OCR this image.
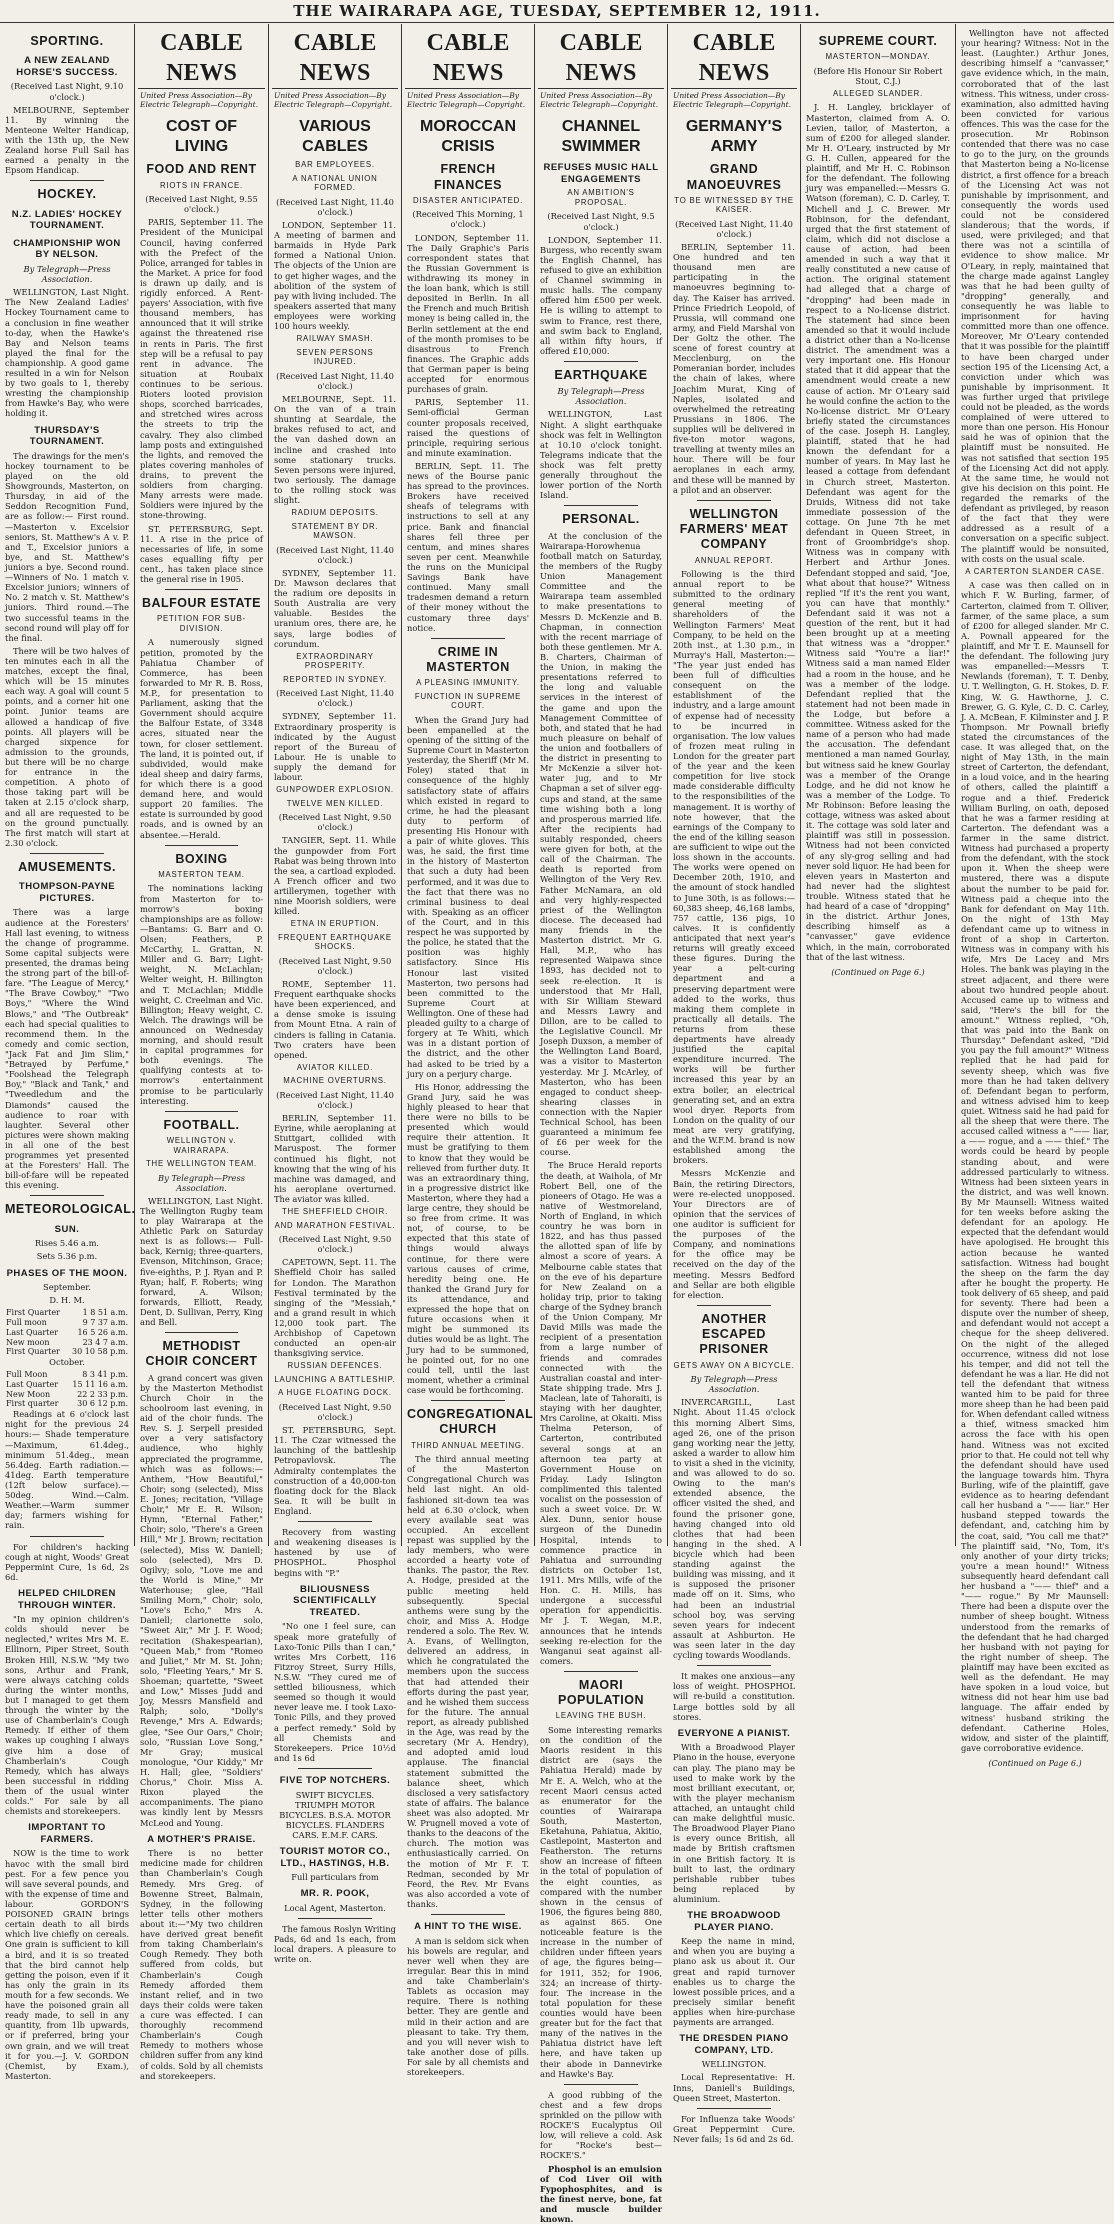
THE WAIRARAPA AGE, TUESDAY, SEPTEMBER 12, 1911.
SPORTING.
A NEW ZEALAND HORSE'S SUCCESS.

(Received Last Night, 9.10 o'clock.)

MELBOURNE, September 11. By winning the Menteone Welter Handicap, with the 13th up, the New Zealand horse Full Sail has earned a penalty in the Epsom Handicap.

HOCKEY.
N.Z. LADIES' HOCKEY TOURNAMENT.
CHAMPIONSHIP WON BY NELSON.

By Telegraph—Press Association.

WELLINGTON, Last Night. The New Zealand Ladies' Hockey Tournament came to a conclusion in fine weather to-day, when the Hawke's Bay and Nelson teams played the final for the championship. A good game resulted in a win for Nelson by two goals to 1, thereby wresting the championship from Hawke's Bay, who were holding it.

THURSDAY'S TOURNAMENT.

The drawings for the men's hockey tournament to be played on the old Showgrounds, Masterton, on Thursday, in aid of the Seddon Recognition Fund, are as follow:— First round.—Masterton v. Excelsior seniors, St. Matthew's A v. P. and T., Excelsior juniors a bye, and St. Matthew's juniors a bye. Second round.—Winners of No. 1 match v. Excelsior juniors; winners of No. 2 match v. St. Matthew's juniors. Third round.—The two successful teams in the second round will play off for the final.

There will be two halves of ten minutes each in all the matches, except the final, which will be 15 minutes each way. A goal will count 5 points, and a corner hit one point. Junior teams are allowed a handicap of five points. All players will be charged sixpence for admission to the grounds, but there will be no charge for entrance in the competition. A photo of those taking part will be taken at 2.15 o'clock sharp, and all are requested to be on the ground punctually. The first match will start at 2.30 o'clock.

AMUSEMENTS.
THOMPSON-PAYNE PICTURES.

There was a large audience at the Foresters' Hall last evening, to witness the change of programme. Some capital subjects were presented, the dramas being the strong part of the bill-of-fare. "The League of Mercy," "The Brave Cowboy," "Two Boys," "Where the Wind Blows," and "The Outbreak" each had special qualities to recommend them. In the comedy and comic section, "Jack Fat and Jim Slim," "Betrayed by Perfume," "Foolshead the Telegraph Boy," "Black and Tank," and "Tweedledum and the Diamonds" caused the audience to roar with laughter. Several other pictures were shown making in all one of the best programmes yet presented at the Foresters' Hall. The bill-of-fare will be repeated this evening.

METEOROLOGICAL.
SUN.

Rises 5.46 a.m.

Sets 5.36 p.m.

PHASES OF THE MOON.

September.

D. H. M.

First Quarter	1 8 51 a.m.
Full moon	9 7 37 a.m.
Last Quarter	16 5 26 a.m.
New moon	23 4 7 a.m.
First Quarter	30 10 58 p.m.

October.

Full Moon	8 3 41 p.m.
Last Quarter	15 11 16 a.m.
New Moon	22 2 33 p.m.
First quarter	30 6 12 p.m.

Readings at 6 o'clock last night for the previous 24 hours:— Shade temperature—Maximum, 61.4deg., minimum 51.4deg., mean 56.4deg. Earth radiation.—41deg. Earth temperature (12ft below surface).—50deg. Wind.—Calm. Weather.—Warm summer day; farmers wishing for rain.

For children's hacking cough at night, Woods' Great Peppermint Cure, 1s 6d, 2s 6d.

HELPED CHILDREN THROUGH WINTER.

"In my opinion children's colds should never be neglected," writes Mrs M. E. Ellinorn, Piper Street, South Broken Hill, N.S.W. "My two sons, Arthur and Frank, were always catching colds during the winter months, but I managed to get them through the winter by the use of Chamberlain's Cough Remedy. If either of them wakes up coughing I always give him a dose of Chamberlain's Cough Remedy, which has always been successful in ridding them of the usual winter colds." For sale by all chemists and storekeepers.

IMPORTANT TO FARMERS.

NOW is the time to work havoc with the small bird pest. For a few pence you will save several pounds, and with the expense of time and labour. GORDON'S POISONED GRAIN brings certain death to all birds which live chiefly on cereals. One grain is sufficient to kill a bird, and it is so treated that the bird cannot help getting the poison, even if it has only the grain in its mouth for a few seconds. We have the poisoned grain all ready made, to sell in any quantity, from 1lb upwards, or if preferred, bring your own grain, and we will treat it for you.—J. V. GORDON (Chemist, by Exam.), Masterton.

CABLE NEWS
United Press Association—By Electric Telegraph—Copyright.
COST OF LIVING
FOOD AND RENT
RIOTS IN FRANCE.

(Received Last Night, 9.55 o'clock.)

PARIS, September 11. The President of the Municipal Council, having conferred with the Prefect of the Police, arranged for tables in the Market. A price for food is drawn up daily, and is rigidly enforced. A Rent-payers' Association, with five thousand members, has announced that it will strike against the threatened rise in rents in Paris. The first step will be a refusal to pay rent in advance. The situation at Roubaix continues to be serious. Rioters looted provision shops, scorched barricades, and stretched wires across the streets to trip the cavalry. They also climbed lamp posts and extinguished the lights, and removed the plates covering manholes of drains, to prevent the soldiers from charging. Many arrests were made. Soldiers were injured by the stone-throwing.

ST. PETERSBURG, Sept. 11. A rise in the price of necessaries of life, in some cases equalling fifty per cent., has taken place since the general rise in 1905.

BALFOUR ESTATE
PETITION FOR SUB-DIVISION.

A numerously signed petition, promoted by the Pahiatua Chamber of Commerce, has been forwarded to Mr R. B. Ross, M.P., for presentation to Parliament, asking that the Government should acquire the Balfour Estate, of 3348 acres, situated near the town, for closer settlement. The land, it is pointed out, if subdivided, would make ideal sheep and dairy farms, for which there is a good demand here, and would support 20 families. The estate is surrounded by good roads, and is owned by an absentee.—Herald.

BOXING
MASTERTON TEAM.

The nominations lacking from Masterton for to-morrow's boxing championships are as follow:—Bantams: G. Barr and O. Olsen; Feathers, P. McCarthy, L. Grattan, N. Miller and G. Barr; Light-weight, N. McLachlan; Welter weight, H. Billington and T. McLachlan; Middle weight, C. Creelman and Vic. Billington; Heavy weight, C. Welch. The drawings will be announced on Wednesday morning, and should result in capital programmes for both evenings. The qualifying contests at to-morrow's entertainment promise to be particularly interesting.

FOOTBALL.
WELLINGTON v. WAIRARAPA.
THE WELLINGTON TEAM.

By Telegraph—Press Association.

WELLINGTON, Last Night. The Wellington Rugby team to play Wairarapa at the Athletic Park on Saturday next is as follows:— Full-back, Kernig; three-quarters, Evenson, Mitchinson, Grace; five-eighths, P. J. Ryan and P. Ryan; half, F. Roberts; wing forward, A. Wilson; forwards, Elliott, Ready, Dent, D. Sullivan, Perry, King and Bell.

METHODIST CHOIR CONCERT

A grand concert was given by the Masterton Methodist Church Choir in the schoolroom last evening, in aid of the choir funds. The Rev. S. J. Serpell presided over a very satisfactory audience, who highly appreciated the programme, which was as follows:—Anthem, "How Beautiful," Choir; song (selected), Miss E. Jones; recitation, "Village Choir," Mr E. R. Wilson; Hymn, "Eternal Father," Choir; solo, "There's a Green Hill," Mr J. Brown; recitation (selected), Miss W. Daniell; solo (selected), Mrs D. Ogilvy; solo, "Love me and the World is Mine," Mr Waterhouse; glee, "Hail Smiling Morn," Choir; solo, "Love's Echo," Mrs A. Daniell; clarionette solo, "Sweet Air," Mr J. F. Wood; recitation (Shakespearian), "Queen Mab," from "Romeo and Juliet," Mr M. St. John; solo, "Fleeting Years," Mr S. Shoeman; quartette, "Sweet and Low," Misses Judd and Joy, Messrs Mansfield and Ralph; solo, "Dolly's Revenge," Mrs A. Edwards; glee, "See Our Oars," Choir; solo, "Russian Love Song," Mr Gray; musical monologue, "Our Kiddy," Mr H. Hall; glee, "Soldiers' Chorus," Choir. Miss A. Rixon played the accompaniments. The piano was kindly lent by Messrs McLeod and Young.

A MOTHER'S PRAISE.

There is no better medicine made for children than Chamberlain's Cough Remedy. Mrs Greg. of Bowenne Street, Balmain, Sydney, in the following letter tells other mothers about it:—"My two children have derived great benefit from taking Chamberlain's Cough Remedy. They both suffered from colds, but Chamberlain's Cough Remedy afforded them instant relief, and in two days their colds were taken a cure was effected. I can thoroughly recommend Chamberlain's Cough Remedy to mothers whose children suffer from any kind of colds. Sold by all chemists and storekeepers.

CABLE NEWS
United Press Association—By Electric Telegraph—Copyright.
VARIOUS CABLES
BAR EMPLOYEES.
A NATIONAL UNION FORMED.

(Received Last Night, 11.40 o'clock.)

LONDON, September 11. A meeting of barmen and barmaids in Hyde Park formed a National Union. The objects of the Union are to get higher wages, and the abolition of the system of pay with living included. The speakers asserted that many employees were working 100 hours weekly.

RAILWAY SMASH.
SEVEN PERSONS INJURED.

(Received Last Night, 11.40 o'clock.)

MELBOURNE, Sept. 11. On the van of a train shunting at Seardale, the brakes refused to act, and the van dashed down an incline and crashed into some stationary trucks. Seven persons were injured, two seriously. The damage to the rolling stock was slight.

RADIUM DEPOSITS.
STATEMENT BY DR. MAWSON.

(Received Last Night, 11.40 o'clock.)

SYDNEY, September 11. Dr. Mawson declares that the radium ore deposits in South Australia are very valuable. Besides the uranium ores, there are, he says, large bodies of corundum.

EXTRAORDINARY PROSPERITY.
REPORTED IN SYDNEY.

(Received Last Night, 11.40 o'clock.)

SYDNEY, September 11. Extraordinary prosperity is indicated by the August report of the Bureau of Labour. He is unable to supply the demand for labour.

GUNPOWDER EXPLOSION.
TWELVE MEN KILLED.

(Received Last Night, 9.50 o'clock.)

TANGIER, Sept. 11. While the gunpowder from Fort Rabat was being thrown into the sea, a cartload exploded. A French officer and two artillerymen, together with nine Moorish soldiers, were killed.

ETNA IN ERUPTION.
FREQUENT EARTHQUAKE SHOCKS.

(Received Last Night, 9.50 o'clock.)

ROME, September 11. Frequent earthquake shocks have been experienced, and a dense smoke is issuing from Mount Etna. A rain of cinders is falling in Catania. Two craters have been opened.

AVIATOR KILLED.
MACHINE OVERTURNS.

(Received Last Night, 11.40 o'clock.)

BERLIN, September 11. Eyrine, while aeroplaning at Stuttgart, collided with Maruspost. The former continued his flight, not knowing that the wing of his machine was damaged, and his aeroplane overturned. The aviator was killed.

THE SHEFFIELD CHOIR.
AND MARATHON FESTIVAL.

(Received Last Night, 9.50 o'clock.)

CAPETOWN, Sept. 11. The Sheffield Choir has sailed for London. The Marathon Festival terminated by the singing of the "Messiah," and a grand result in which 12,000 took part. The Archbishop of Capetown conducted an open-air thanksgiving service.

RUSSIAN DEFENCES.
LAUNCHING A BATTLESHIP.
A HUGE FLOATING DOCK.

(Received Last Night, 9.50 o'clock.)

ST. PETERSBURG, Sept. 11. The Czar witnessed the launching of the battleship Petropavlovsk. The Admiralty contemplates the construction of a 40,000-ton floating dock for the Black Sea. It will be built in England.

Recovery from wasting and weakening diseases is hastened by use of PHOSPHOL. Phosphol begins with "P."

BILIOUSNESS SCIENTIFICALLY TREATED.

"No one I feel sure, can speak more gratefully of Laxo-Tonic Pills than I can," writes Mrs Corbett, 116 Fitzroy Street, Surry Hills, N.S.W. "They cured me of settled biliousness, which seemed so though it would never leave me. I took Laxo-Tonic Pills, and they proved a perfect remedy." Sold by all Chemists and Storekeepers. Price 10½d and 1s 6d

FIVE TOP NOTCHERS.

SWIFT BICYCLES. TRIUMPH MOTOR BICYCLES. B.S.A. MOTOR BICYCLES. FLANDERS CARS. E.M.F. CARS.

TOURIST MOTOR CO., LTD., HASTINGS, H.B.

Full particulars from

MR. R. POOK,

Local Agent, Masterton.

The famous Roslyn Writing Pads, 6d and 1s each, from local drapers. A pleasure to write on.

CABLE NEWS
United Press Association—By Electric Telegraph—Copyright.
MOROCCAN CRISIS
FRENCH FINANCES
DISASTER ANTICIPATED.

(Received This Morning, 1 o'clock.)

LONDON, September 11. The Daily Graphic's Paris correspondent states that the Russian Government is withdrawing its money in the loan bank, which is still deposited in Berlin. In all the French and much British money is being called in, the Berlin settlement at the end of the month promises to be disastrous to French finances. The Graphic adds that German paper is being accepted for enormous purchases of grain.

PARIS, September 11. Semi-official German counter proposals received, raised the questions of principle, requiring serious and minute examination.

BERLIN, Sept. 11. The news of the Bourse panic has spread to the provinces. Brokers have received sheafs of telegrams with instructions to sell at any price. Bank and financial shares fell three per centum, and mines shares seven per cent. Meanwhile the runs on the Municipal Savings Bank have continued. Many small tradesmen demand a return of their money without the customary three days' notice.

CRIME IN MASTERTON
A PLEASING IMMUNITY.
FUNCTION IN SUPREME COURT.

When the Grand Jury had been empanelled at the opening of the sitting of the Supreme Court in Masterton yesterday, the Sheriff (Mr M. Foley) stated that in consequence of the highly satisfactory state of affairs which existed in regard to crime, he had the pleasant duty to perform of presenting His Honour with a pair of white gloves. This was, he said, the first time in the history of Masterton that such a duty had been performed, and it was due to the fact that there was no criminal business to deal with. Speaking as an officer of the Court, and in this respect he was supported by the police, he stated that the position was highly satisfactory. Since His Honour last visited Masterton, two persons had been committed to the Supreme Court at Wellington. One of these had pleaded guilty to a charge of forgery at Te Whiti, which was in a distant portion of the district, and the other had asked to be tried by a jury on a perjury charge.

His Honor, addressing the Grand Jury, said he was highly pleased to hear that there were no bills to be presented which would require their attention. It must be gratifying to them to know that they would be relieved from further duty. It was an extraordinary thing, in a progressive district like Masterton, where they had a large centre, they should be so free from crime. It was not, of course, to be expected that this state of things would always continue, for there were various causes of crime, heredity being one. He thanked the Grand Jury for its attendance, and expressed the hope that on future occasions when it might be summoned its duties would be as light. The Jury had to be summoned, he pointed out, for no one could tell, until the last moment, whether a criminal case would be forthcoming.

CONGREGATIONAL CHURCH
THIRD ANNUAL MEETING.

The third annual meeting of the Masterton Congregational Church was held last night. An old-fashioned sit-down tea was held at 6.30 o'clock, when every available seat was occupied. An excellent repast was supplied by the lady members, who were accorded a hearty vote of thanks. The pastor, the Rev. A. Hodge, presided at the public meeting held subsequently. Special anthems were sung by the choir, and Miss A. Hodge rendered a solo. The Rev. W. A. Evans, of Wellington, delivered an address, in which he congratulated the members upon the success that had attended their efforts during the past year, and he wished them success for the future. The annual report, as already published in the Age, was read by the secretary (Mr A. Hendry), and adopted amid loud applause. The financial statement submitted the balance sheet, which disclosed a very satisfactory state of affairs. The balance sheet was also adopted. Mr W. Prugnell moved a vote of thanks to the deacons of the church. The motion was enthusiastically carried. On the motion of Mr F. T. Redman, seconded by Mr Feord, the Rev. Mr Evans was also accorded a vote of thanks.

A HINT TO THE WISE.

A man is seldom sick when his bowels are regular, and never well when they are irregular. Bear this in mind and take Chamberlain's Tablets as occasion may require. There is nothing better. They are gentle and mild in their action and are pleasant to take. Try them, and you will never wish to take another dose of pills. For sale by all chemists and storekeepers.

CABLE NEWS
United Press Association—By Electric Telegraph—Copyright.
CHANNEL SWIMMER
REFUSES MUSIC HALL ENGAGEMENTS
AN AMBITION'S PROPOSAL.

(Received Last Night, 9.5 o'clock.)

LONDON, September 11. Burgess, who recently swam the English Channel, has refused to give an exhibition of Channel swimming in music halls. The company offered him £500 per week. He is willing to attempt to swim to France, rest there, and swim back to England, all within fifty hours, if offered £10,000.

EARTHQUAKE

By Telegraph—Press Association.

WELLINGTON, Last Night. A slight earthquake shock was felt in Wellington at 10.10 o'clock tonight. Telegrams indicate that the shock was felt pretty generally throughout the lower portion of the North Island.

PERSONAL.

At the conclusion of the Wairarapa-Horowhenua football match on Saturday, the members of the Rugby Union Management Committee and the Wairarapa team assembled to make presentations to Messrs D. McKenzie and B. Chapman, in connection with the recent marriage of both these gentlemen. Mr A. B. Charters, Chairman of the Union, in making the presentations referred to the long and valuable services in the interest of the game and upon the Management Committee of both, and stated that he had much pleasure on behalf of the union and footballers of the district in presenting to Mr McKenzie a silver hot-water jug, and to Mr Chapman a set of silver egg-cups and stand, at the same time wishing both a long and prosperous married life. After the recipients had suitably responded, cheers were given for both, at the call of the Chairman. The death is reported from Wellington of the Very Rev. Father McNamara, an old and very highly-respected priest of the Wellington diocese. The deceased had many friends in the Masterton district. Mr G. Hall, M.P., who has represented Waipawa since 1893, has decided not to seek re-election. It is understood that Mr Hall, with Sir William Steward and Messrs Lawry and Dillon, are to be called to the Legislative Council. Mr Joseph Duxson, a member of the Wellington Land Board, was a visitor to Masterton yesterday. Mr J. McArley, of Masterton, who has been engaged to conduct sheep-shearing classes in connection with the Napier Technical School, has been guaranteed a minimum fee of £6 per week for the course.

The Bruce Herald reports the death, at Waihola, of Mr Robert Bell, one of the pioneers of Otago. He was a native of Westmoreland, North of England, in which country he was born in 1822, and has thus passed the allotted span of life by almost a score of years. A Melbourne cable states that on the eve of his departure for New Zealand on a holiday trip, prior to taking charge of the Sydney branch of the Union Company, Mr David Mills was made the recipient of a presentation from a large number of friends and comrades connected with the Australian coastal and inter-State shipping trade. Mrs J. Maclean, late of Tahoraiti, is staying with her daughter, Mrs Caroline, at Okaiti. Miss Thelma Peterson, of Carterton, contributed several songs at an afternoon tea party at Government House on Friday. Lady Islington complimented this talented vocalist on the possession of such a sweet voice. Dr. W. Alex. Dunn, senior house surgeon of the Dunedin Hospital, intends to commence practice in Pahiatua and surrounding districts on October 1st, 1911. Mrs Mills, wife of the Hon. C. H. Mills, has undergone a successful operation for appendicitis. Mr J. T. Wegan, M.P., announces that he intends seeking re-election for the Wanganui seat against all-comers.

MAORI POPULATION
LEAVING THE BUSH.

Some interesting remarks on the condition of the Maoris resident in this district are (says the Pahiatua Herald) made by Mr E. A. Welch, who at the recent Maori census acted as enumerator for the counties of Wairarapa South, Masterton, Eketahuna, Pahiatua, Akitio, Castlepoint, Masterton and Featherston. The returns show an increase of fifteen in the total of population of the eight counties, as compared with the number shown in the census of 1906, the figures being 880, as against 865. One noticeable feature is the increase in the number of children under fifteen years of age, the figures being—for 1911, 352; for 1906, 324; an increase of thirty-four. The increase in the total population for these counties would have been greater but for the fact that many of the natives in the Pahiatua district have left here, and have taken up their abode in Dannevirke and Hawke's Bay.

A good rubbing of the chest and a few drops sprinkled on the pillow with ROCKE'S Eucalyptus Oil low, will relieve a cold. Ask for "Rocke's best—ROCKE'S."

Phosphol is an emulsion of Cod Liver Oil with Fypophosphites, and is the finest nerve, bone, fat and muscle builder known.

CABLE NEWS
United Press Association—By Electric Telegraph—Copyright.
GERMANY'S ARMY
GRAND MANOEUVRES
TO BE WITNESSED BY THE KAISER.

(Received Last Night, 11.40 o'clock.)

BERLIN, September 11. One hundred and ten thousand men are participating in the manoeuvres beginning to-day. The Kaiser has arrived. Prince Friedrich Leopold, of Prussia, will command one army, and Field Marshal von Der Goltz the other. The scene of forest country at Mecclenburg, on the Pomeranian border, includes the chain of lakes, where Joachim Murat, King of Naples, isolated and overwhelmed the retreating Prussians in 1806. The supplies will be delivered in five-ton motor wagons, travelling at twenty miles an hour. There will be four aeroplanes in each army, and these will be manned by a pilot and an observer.

WELLINGTON FARMERS' MEAT COMPANY
ANNUAL REPORT.

Following is the third annual report to be submitted to the ordinary general meeting of shareholders of the Wellington Farmers' Meat Company, to be held on the 20th inst., at 1.30 p.m., in Murray's Hall, Masterton:— "The year just ended has been full of difficulties consequent on the establishment of the industry, and a large amount of expense had of necessity to be incurred in organisation. The low values of frozen meat ruling in London for the greater part of the year and the keen competition for live stock made considerable difficulty to the responsibilities of the management. It is worthy of note however, that the earnings of the Company to the end of the killing season are sufficient to wipe out the loss shown in the accounts. The works were opened on December 20th, 1910, and the amount of stock handled to June 30th, is as follows:—60,383 sheep, 46,168 lambs, 757 cattle, 136 pigs, 10 calves. It is confidently anticipated that next year's returns will greatly exceed these figures. During the year a pelt-curing department and a preserving department were added to the works, thus making them complete in practically all details. The returns from these departments have already justified the capital expenditure incurred. The works will be further increased this year by an extra boiler, an electrical generating set, and an extra wool dryer. Reports from London on the quality of our meat are very gratifying, and the W.F.M. brand is now established among the brokers.

Messrs McKenzie and Bain, the retiring Directors, were re-elected unopposed. Your Directors are of opinion that the services of one auditor is sufficient for the purposes of the Company, and nominations for the office may be received on the day of the meeting. Messrs Bedford and Sellar are both eligible for election.

ANOTHER ESCAPED PRISONER
GETS AWAY ON A BICYCLE.

By Telegraph—Press Association.

INVERCARGILL, Last Night. About 11.45 o'clock this morning Albert Sims, aged 26, one of the prison gang working near the jetty, asked a warder to allow him to visit a shed in the vicinity, and was allowed to do so. Owing to the man's extended absence, the officer visited the shed, and found the prisoner gone, having changed into old clothes that had been hanging in the shed. A bicycle which had been standing against the building was missing, and it is supposed the prisoner made off on it. Sims, who had been an industrial school boy, was serving seven years for indecent assault at Ashburton. He was seen later in the day cycling towards Woodlands.

It makes one anxious—any loss of weight. PHOSPHOL will re-build a constitution. Large bottles sold by all stores.

EVERYONE A PIANIST.

With a Broadwood Player Piano in the house, everyone can play. The piano may be used to make work by the most brilliant executant, or, with the player mechanism attached, an untaught child can make delightful music. The Broadwood Player Piano is every ounce British, all made by British craftsmen in one British factory. It is built to last, the ordinary perishable rubber tubes being replaced by aluminium.

THE BROADWOOD PLAYER PIANO.

Keep the name in mind, and when you are buying a piano ask us about it. Our great and rapid turnover enables us to charge the lowest possible prices, and a precisely similar benefit applies when hire-purchase payments are arranged.

THE DRESDEN PIANO COMPANY, LTD.

WELLINGTON.

Local Representative: H. Inns, Daniell's Buildings, Queen Street, Masterton.

For Influenza take Woods' Great Peppermint Cure. Never fails; 1s 6d and 2s 6d.

SUPREME COURT.
MASTERTON—MONDAY.

(Before His Honour Sir Robert Stout, C.J.)

ALLEGED SLANDER.

J. H. Langley, bricklayer of Masterton, claimed from A. O. Levien, tailor, of Masterton, a sum of £200 for alleged slander. Mr H. O'Leary, instructed by Mr G. H. Cullen, appeared for the plaintiff, and Mr H. C. Robinson for the defendant. The following jury was empanelled:—Messrs G. Watson (foreman), C. D. Carley, T. Michell and J. C. Brewer. Mr Robinson, for the defendant, urged that the first statement of claim, which did not disclose a cause of action, had been amended in such a way that it really constituted a new cause of action. The original statement had alleged that a charge of "dropping" had been made in respect to a No-license district. The statement had since been amended so that it would include a district other than a No-license district. The amendment was a very important one. His Honour stated that it did appear that the amendment would create a new cause of action. Mr O'Leary said he would confine the action to the No-license district. Mr O'Leary briefly stated the circumstances of the case. Joseph H. Langley, plaintiff, stated that he had known the defendant for a number of years. In May last he leased a cottage from defendant in Church street, Masterton. Defendant was agent for the Druids, Witness did not take immediate possession of the cottage. On June 7th he met defendant in Queen Street, in front of Groombridge's shop. Witness was in company with Herbert and Arthur Jones. Defendant stopped and said, "Joe, what about that house?" Witness replied "If it's the rent you want, you can have that monthly." Defendant said it was not a question of the rent, but it had been brought up at a meeting that witness was a "dropper." Witness said "You're a liar!" Witness said a man named Elder had a room in the house, and he was a member of the lodge. Defendant replied that the statement had not been made in the Lodge, but before a committee. Witness asked for the name of a person who had made the accusation. The defendant mentioned a man named Gourlay, but witness said he knew Gourlay was a member of the Orange Lodge, and he did not know he was a member of the Lodge. To Mr Robinson: Before leasing the cottage, witness was asked about it. The cottage was sold later and plaintiff was still in possession. Witness had not been convicted of any sly-grog selling and had never sold liquor. He had been for eleven years in Masterton and had never had the slightest trouble. Witness stated that he had heard of a case of "dropping" in the district. Arthur Jones, describing himself as a "canvasser," gave evidence which, in the main, corroborated that of the last witness.

(Continued on Page 6.)

Wellington have not affected your hearing? Witness: Not in the least. (Laughter.) Arthur Jones, describing himself a "canvasser," gave evidence which, in the main, corroborated that of the last witness. This witness, under cross-examination, also admitted having been convicted for various offences. This was the case for the prosecution. Mr Robinson contended that there was no case to go to the jury, on the grounds that Masterton being a No-license district, a first offence for a breach of the Licensing Act was not punishable by imprisonment, and consequently the words used could not be considered slanderous; that the words, if used, were privileged; and that there was not a scintilla of evidence to show malice. Mr O'Leary, in reply, maintained that the charge made against Langley was that he had been guilty of "dropping" generally, and consequently he was liable to imprisonment for having committed more than one offence. Moreover, Mr O'Leary contended that it was possible for the plaintiff to have been charged under section 195 of the Licensing Act, a conviction under which was punishable by imprisonment. It was further urged that privilege could not be pleaded, as the words complained of were uttered to more than one person. His Honour said he was of opinion that the plaintiff must be nonsuited. He was not satisfied that section 195 of the Licensing Act did not apply. At the same time, he would not give his decision on this point. He regarded the remarks of the defendant as privileged, by reason of the fact that they were addressed as a result of a conversation on a specific subject. The plaintiff would be nonsuited, with costs on the usual scale.

A CARTERTON SLANDER CASE.

A case was then called on in which F. W. Burling, farmer, of Carterton, claimed from T. Olliver, farmer, of the same place, a sum of £200 for alleged slander. Mr C. A. Pownall appeared for the plaintiff, and Mr T. E. Maunsell for the defendant. The following jury was empanelled:—Messrs T. Newlands (foreman), T. T. Denby, U. T. Wellington, G. H. Stokes, D. F. King, W. G. Hawthorne, J. C. Brewer, G. G. Kyle, C. D. C. Carley, J. A. McBean, F. Kilminster and J. P. Thompson. Mr Pownall briefly stated the circumstances of the case. It was alleged that, on the night of May 13th, in the main street of Carterton, the defendant, in a loud voice, and in the hearing of others, called the plaintiff a rogue and a thief. Frederick William Burling, on oath, deposed that he was a farmer residing at Carterton. The defendant was a farmer in the same district. Witness had purchased a property from the defendant, with the stock upon it. When the sheep were mustered, there was a dispute about the number to be paid for. Witness paid a cheque into the Bank for defendant on May 11th. On the night of 13th May defendant came up to witness in front of a shop in Carterton. Witness was in company with his wife, Mrs De Lacey and Mrs Holes. The bank was playing in the street adjacent, and there were about two hundred people about. Accused came up to witness and said, "Here's the bill for the amount." Witness replied, "Oh, that was paid into the Bank on Thursday." Defendant asked, "Did you pay the full amount?" Witness replied that he had paid for seventy sheep, which was five more than he had taken delivery of. Defendant began to perform, and witness advised him to keep quiet. Witness said he had paid for all the sheep that were there. The accused called witness a "—— liar, a —— rogue, and a —— thief." The words could be heard by people standing about, and were addressed particularly to witness. Witness had been sixteen years in the district, and was well known. By Mr Maunsell: Witness waited for ten weeks before asking the defendant for an apology. He expected that the defendant would have apologised. He brought this action because he wanted satisfaction. Witness had bought the sheep on the farm the day after he bought the property. He took delivery of 65 sheep, and paid for seventy. There had been a dispute over the number of sheep, and defendant would not accept a cheque for the sheep delivered. On the night of the alleged occurrence, witness did not lose his temper, and did not tell the defendant he was a liar. He did not tell the defendant that witness wanted him to be paid for three more sheep than he had been paid for. When defendant called witness a thief, witness smacked him across the face with his open hand. Witness was not excited prior to that. He could not tell why the defendant should have used the language towards him. Thyra Burling, wife of the plaintiff, gave evidence as to hearing defendant call her husband a "—— liar." Her husband stepped towards the defendant, and, catching him by the coat, said, "You call me that?" The plaintiff said, "No, Tom, it's only another of your dirty tricks; you're a mean hound!" Witness subsequently heard defendant call her husband a "—— thief" and a "—— rogue." By Mr Maunsell: There had been a dispute over the number of sheep bought. Witness understood from the remarks of the defendant that he had charged her husband with not paying for the right number of sheep. The plaintiff may have been excited as well as the defendant. He may have spoken in a loud voice, but witness did not hear him use bad language. The affair ended by witness' husband striking the defendant. Catherine Holes, widow, and sister of the plaintiff, gave corroborative evidence.

(Continued on Page 6.)
